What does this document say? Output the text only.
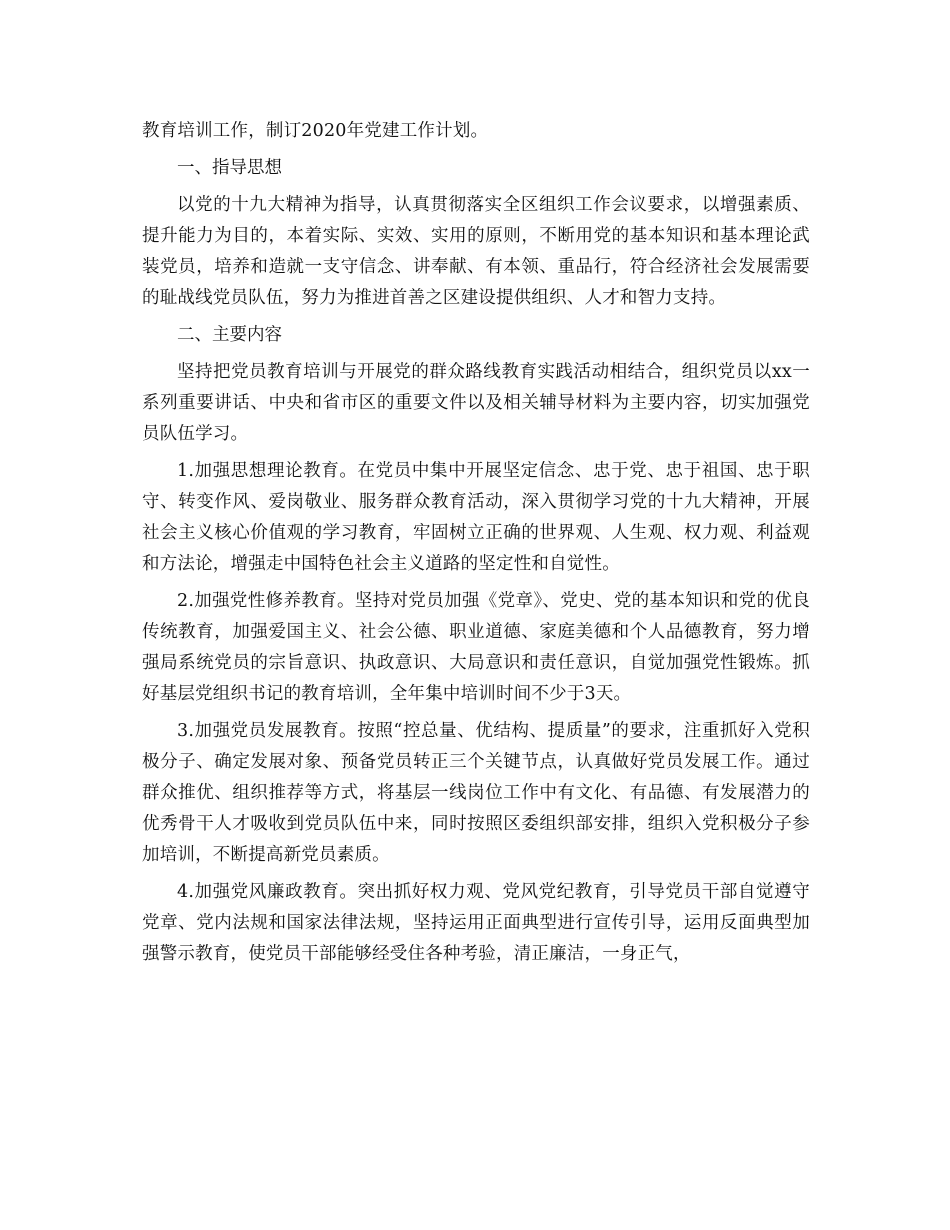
教育培训工作，制订2020年党建工作计划。

一、指导思想

以党的十九大精神为指导，认真贯彻落实全区组织工作会议要求，以增强素质、提升能力为目的，本着实际、实效、实用的原则，不断用党的基本知识和基本理论武装党员，培养和造就一支守信念、讲奉献、有本领、重品行，符合经济社会发展需要的耻战线党员队伍，努力为推进首善之区建设提供组织、人才和智力支持。

二、主要内容

坚持把党员教育培训与开展党的群众路线教育实践活动相结合，组织党员以xx一系列重要讲话、中央和省市区的重要文件以及相关辅导材料为主要内容，切实加强党员队伍学习。

1.加强思想理论教育。在党员中集中开展坚定信念、忠于党、忠于祖国、忠于职守、转变作风、爱岗敬业、服务群众教育活动，深入贯彻学习党的十九大精神，开展社会主义核心价值观的学习教育，牢固树立正确的世界观、人生观、权力观、利益观和方法论，增强走中国特色社会主义道路的坚定性和自觉性。

2.加强党性修养教育。坚持对党员加强《党章》、党史、党的基本知识和党的优良传统教育，加强爱国主义、社会公德、职业道德、家庭美德和个人品德教育，努力增强局系统党员的宗旨意识、执政意识、大局意识和责任意识，自觉加强党性锻炼。抓好基层党组织书记的教育培训，全年集中培训时间不少于3天。

3.加强党员发展教育。按照“控总量、优结构、提质量”的要求，注重抓好入党积极分子、确定发展对象、预备党员转正三个关键节点，认真做好党员发展工作。通过群众推优、组织推荐等方式，将基层一线岗位工作中有文化、有品德、有发展潜力的优秀骨干人才吸收到党员队伍中来，同时按照区委组织部安排，组织入党积极分子参加培训，不断提高新党员素质。

4.加强党风廉政教育。突出抓好权力观、党风党纪教育，引导党员干部自觉遵守党章、党内法规和国家法律法规，坚持运用正面典型进行宣传引导，运用反面典型加强警示教育，使党员干部能够经受住各种考验，清正廉洁，一身正气，
